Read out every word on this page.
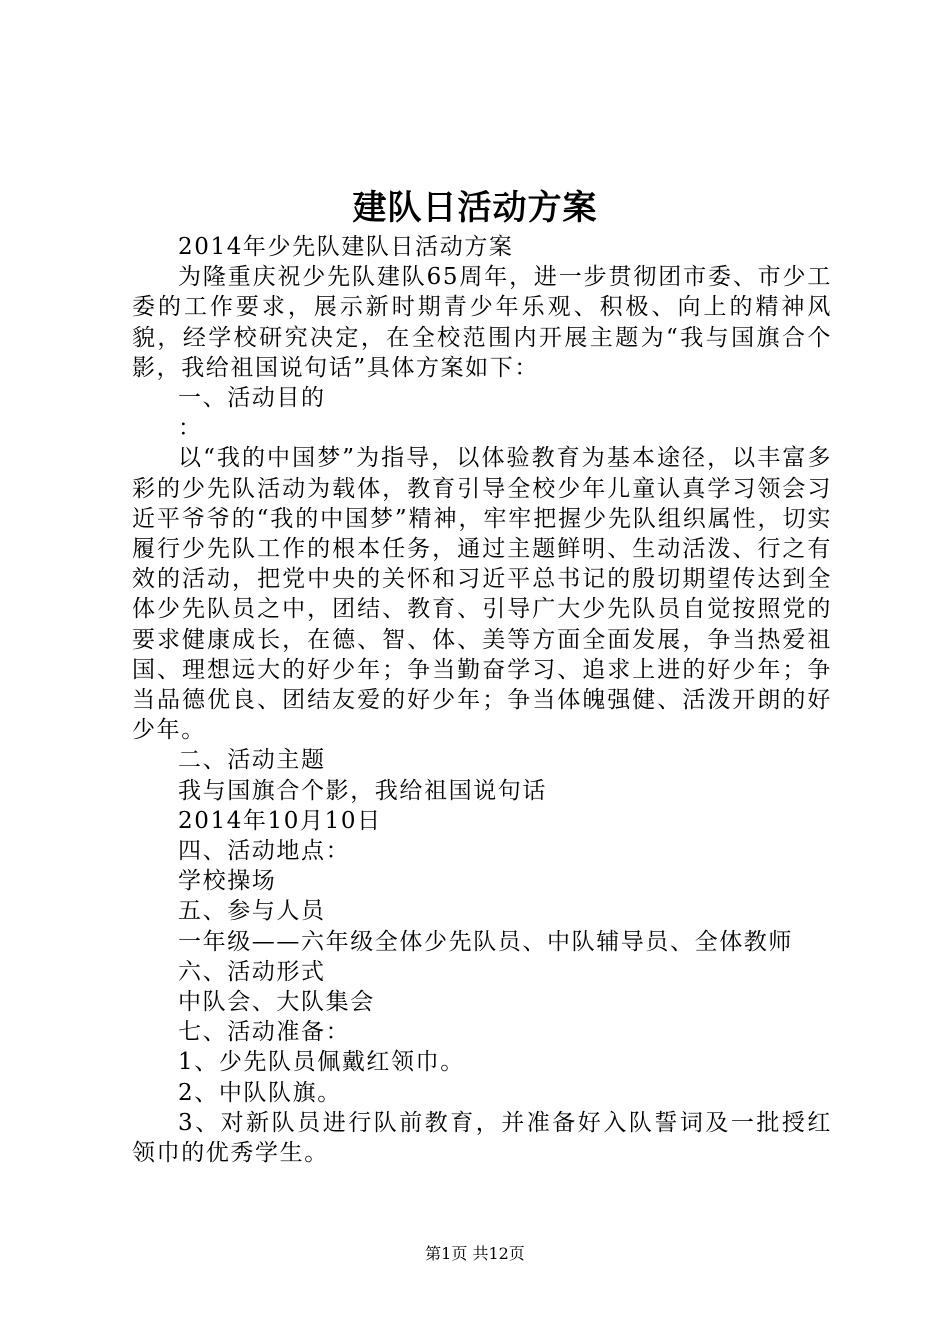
建队日活动方案

2014年少先队建队日活动方案

为隆重庆祝少先队建队65周年，进一步贯彻团市委、市少工委的工作要求，展示新时期青少年乐观、积极、向上的精神风貌，经学校研究决定，在全校范围内开展主题为“我与国旗合个影，我给祖国说句话”具体方案如下：

一、活动目的

：

以“我的中国梦”为指导，以体验教育为基本途径，以丰富多彩的少先队活动为载体，教育引导全校少年儿童认真学习领会习近平爷爷的“我的中国梦”精神，牢牢把握少先队组织属性，切实履行少先队工作的根本任务，通过主题鲜明、生动活泼、行之有效的活动，把党中央的关怀和习近平总书记的殷切期望传达到全体少先队员之中，团结、教育、引导广大少先队员自觉按照党的要求健康成长，在德、智、体、美等方面全面发展，争当热爱祖国、理想远大的好少年；争当勤奋学习、追求上进的好少年；争当品德优良、团结友爱的好少年；争当体魄强健、活泼开朗的好少年。

二、活动主题

我与国旗合个影，我给祖国说句话

2014年10月10日

四、活动地点：

学校操场

五、参与人员

一年级——六年级全体少先队员、中队辅导员、全体教师

六、活动形式

中队会、大队集会

七、活动准备：

1、少先队员佩戴红领巾。

2、中队队旗。

3、对新队员进行队前教育，并准备好入队誓词及一批授红领巾的优秀学生。

第1页 共12页
